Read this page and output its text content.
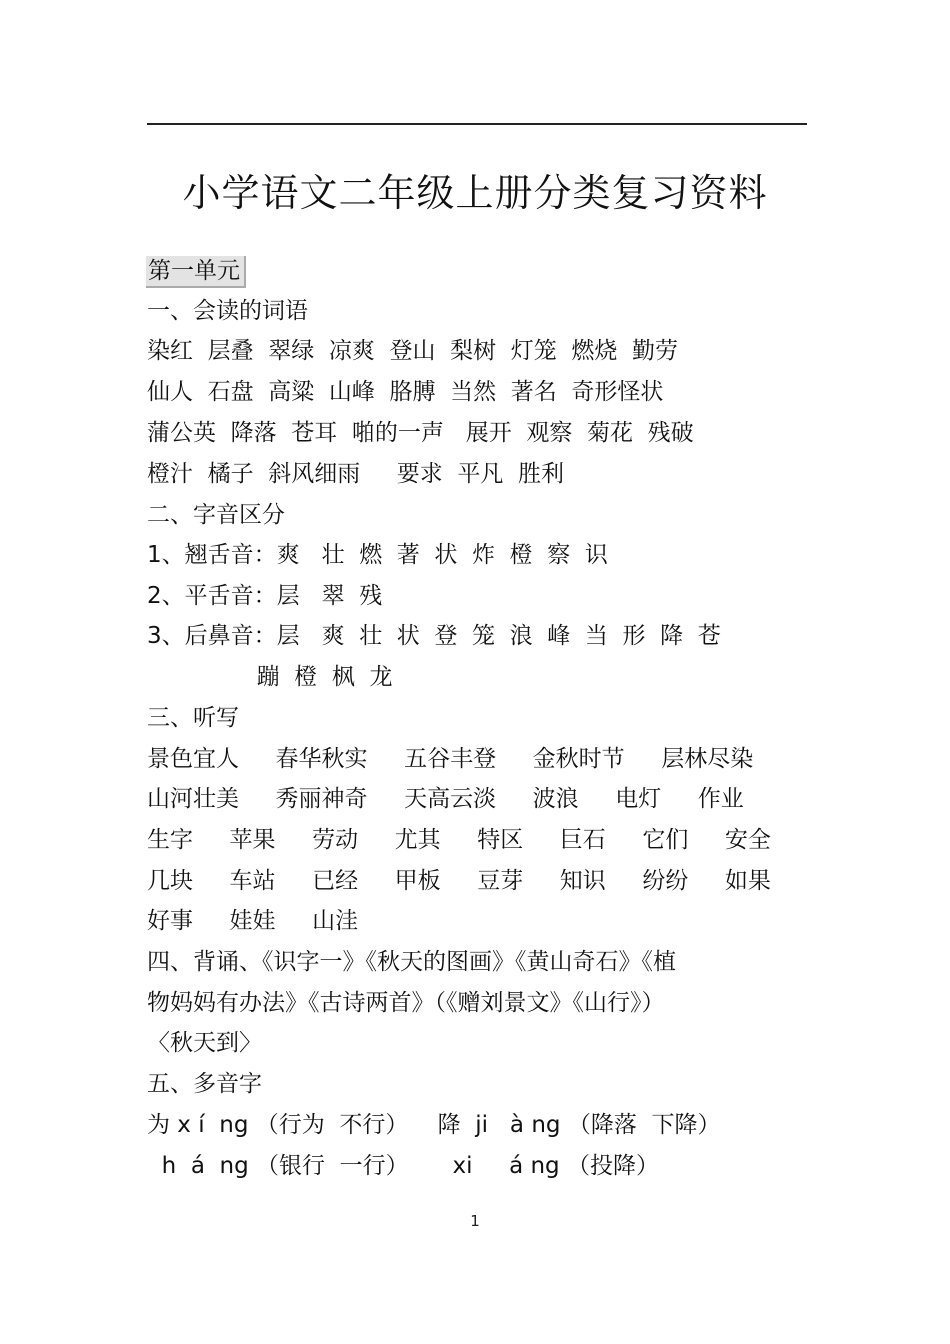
小学语文二年级上册分类复习资料
第一单元
一、会读的词语
染红  层叠  翠绿  凉爽  登山  梨树  灯笼  燃烧  勤劳
仙人  石盘  高粱  山峰  胳膊  当然  著名  奇形怪状
蒲公英  降落  苍耳  啪的一声   展开  观察  菊花  残破
橙汁  橘子  斜风细雨     要求  平凡  胜利
二、字音区分
1、翘舌音：爽   壮  燃  著  状  炸  橙  察  识
2、平舌音：层   翠  残
3、后鼻音：层   爽  壮  状  登  笼  浪  峰  当  形  降  苍
蹦  橙  枫  龙
三、听写
景色宜人     春华秋实     五谷丰登     金秋时节     层林尽染
山河壮美     秀丽神奇     天高云淡     波浪     电灯     作业
生字     苹果     劳动     尤其     特区     巨石     它们     安全
几块     车站     已经     甲板     豆芽     知识     纷纷     如果
好事     娃娃     山洼
四、背诵、《识字一》《秋天的图画》《黄山奇石》《植
物妈妈有办法》《古诗两首》（《赠刘景文》《山行》）
〈秋天到〉
五、多音字
为 x í  ng （行为  不行）    降  ji   à ng （降落  下降）
h  á  ng （银行  一行）      xi     á ng （投降）
1
